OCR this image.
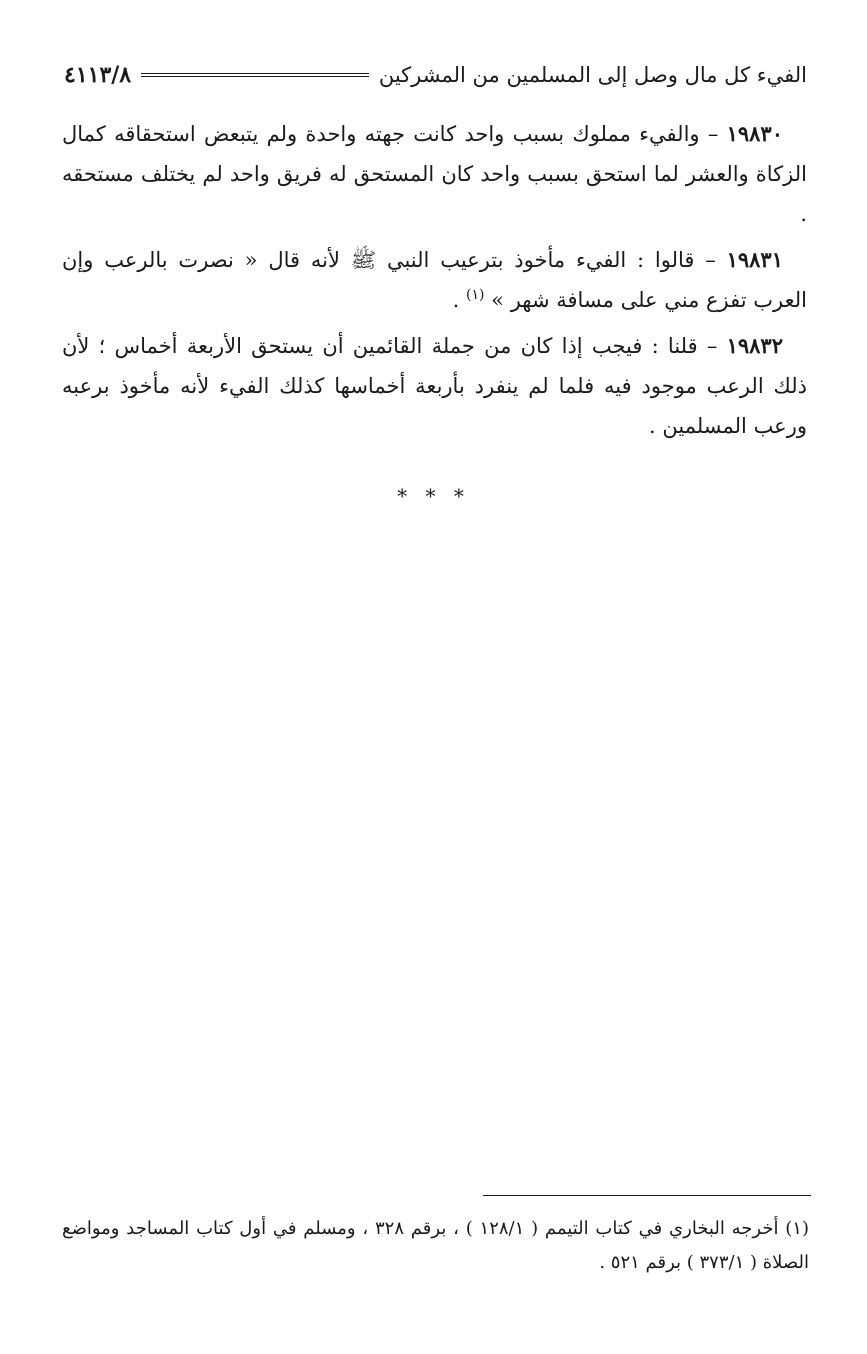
الفيء كل مال وصل إلى المسلمين من المشركين
٤١١٣/٨

١٩٨٣٠ – والفيء مملوك بسبب واحد كانت جهته واحدة ولم يتبعض استحقاقه كمال الزكاة والعشر لما استحق بسبب واحد كان المستحق له فريق واحد لم يختلف مستحقه .

١٩٨٣١ – قالوا : الفيء مأخوذ بترعيب النبي ﷺ لأنه قال « نصرت بالرعب وإن العرب تفزع مني على مسافة شهر » $^{(١)}$ .

١٩٨٣٢ – قلنا : فيجب إذا كان من جملة القائمين أن يستحق الأربعة أخماس ؛ لأن ذلك الرعب موجود فيه فلما لم ينفرد بأربعة أخماسها كذلك الفيء لأنه مأخوذ برعبه ورعب المسلمين .

* * *

(١) أخرجه البخاري في كتاب التيمم ( ١٢٨/١ ) ، برقم ٣٢٨ ، ومسلم في أول كتاب المساجد ومواضع الصلاة ( ٣٧٣/١ ) برقم ٥٢١ .
